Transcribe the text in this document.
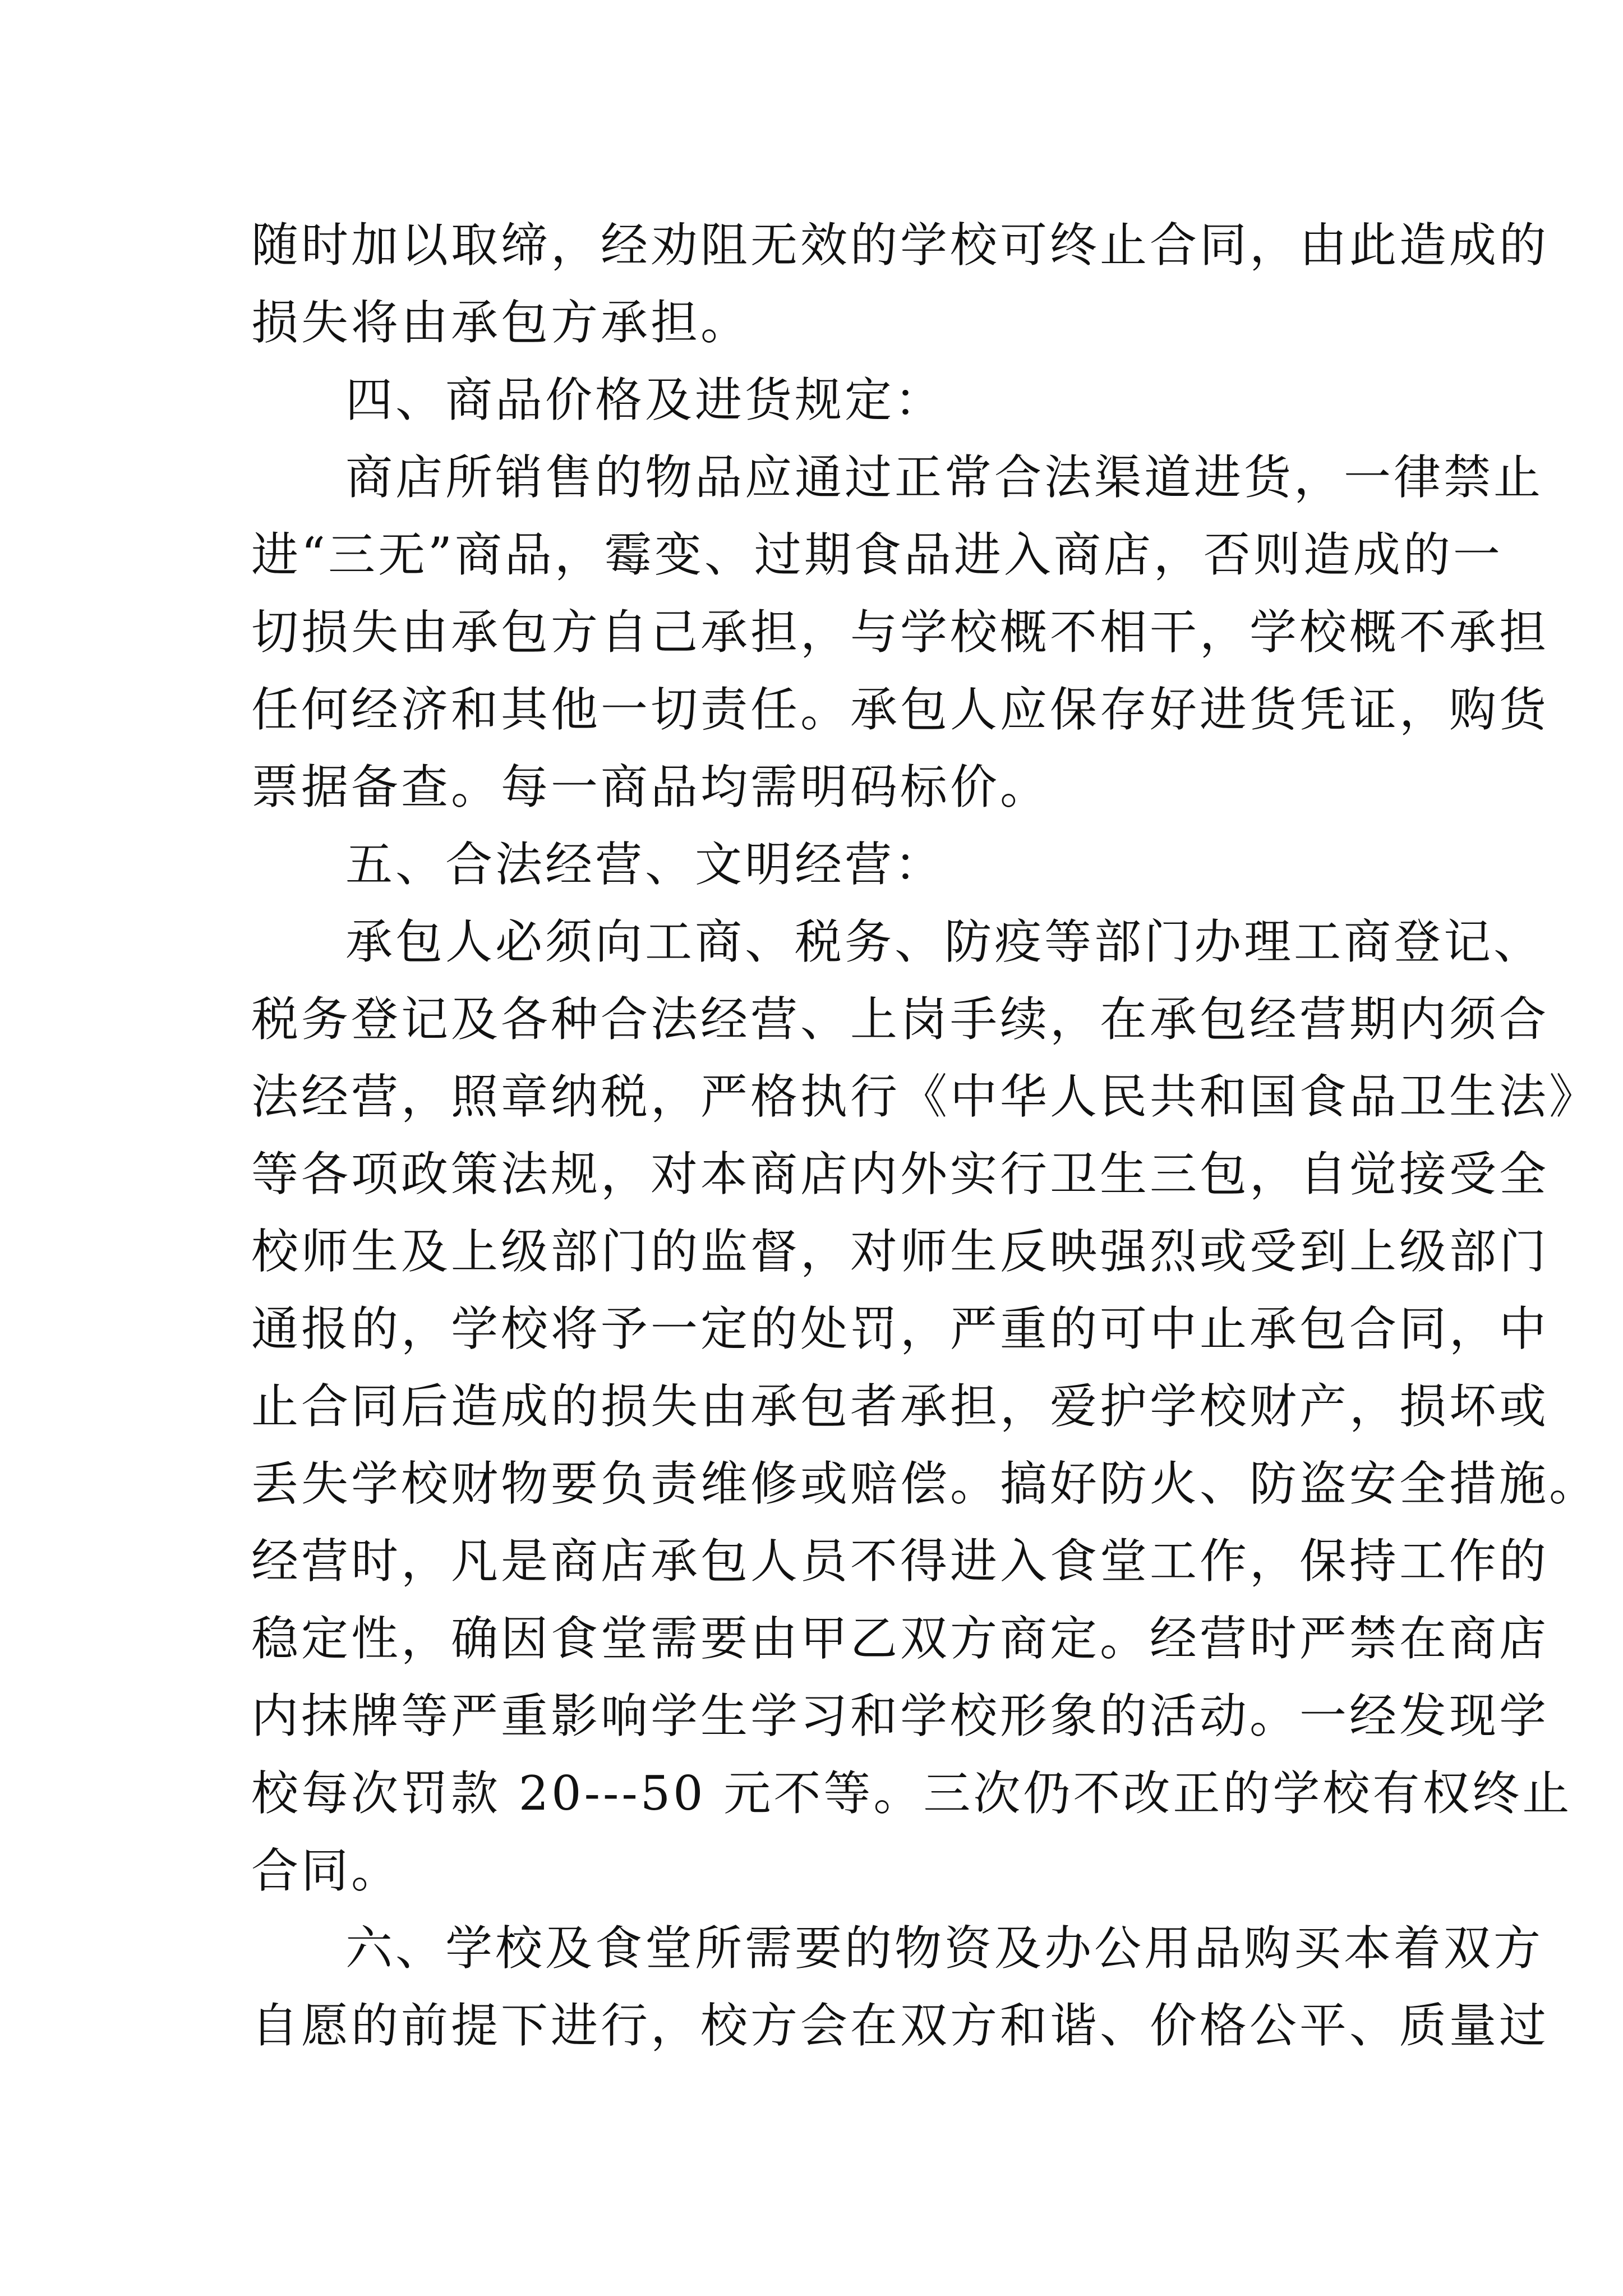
随时加以取缔，经劝阻无效的学校可终止合同，由此造成的
损失将由承包方承担。
四、商品价格及进货规定：
商店所销售的物品应通过正常合法渠道进货，一律禁止
进“三无”商品，霉变、过期食品进入商店，否则造成的一
切损失由承包方自己承担，与学校概不相干，学校概不承担
任何经济和其他一切责任。承包人应保存好进货凭证，购货
票据备查。每一商品均需明码标价。
五、合法经营、文明经营：
承包人必须向工商、税务、防疫等部门办理工商登记、
税务登记及各种合法经营、上岗手续，在承包经营期内须合
法经营，照章纳税，严格执行《中华人民共和国食品卫生法》
等各项政策法规，对本商店内外实行卫生三包，自觉接受全
校师生及上级部门的监督，对师生反映强烈或受到上级部门
通报的，学校将予一定的处罚，严重的可中止承包合同，中
止合同后造成的损失由承包者承担，爱护学校财产，损坏或
丢失学校财物要负责维修或赔偿。搞好防火、防盗安全措施。
经营时，凡是商店承包人员不得进入食堂工作，保持工作的
稳定性，确因食堂需要由甲乙双方商定。经营时严禁在商店
内抹牌等严重影响学生学习和学校形象的活动。一经发现学
校每次罚款 20---50 元不等。三次仍不改正的学校有权终止
合同。
六、学校及食堂所需要的物资及办公用品购买本着双方
自愿的前提下进行，校方会在双方和谐、价格公平、质量过
